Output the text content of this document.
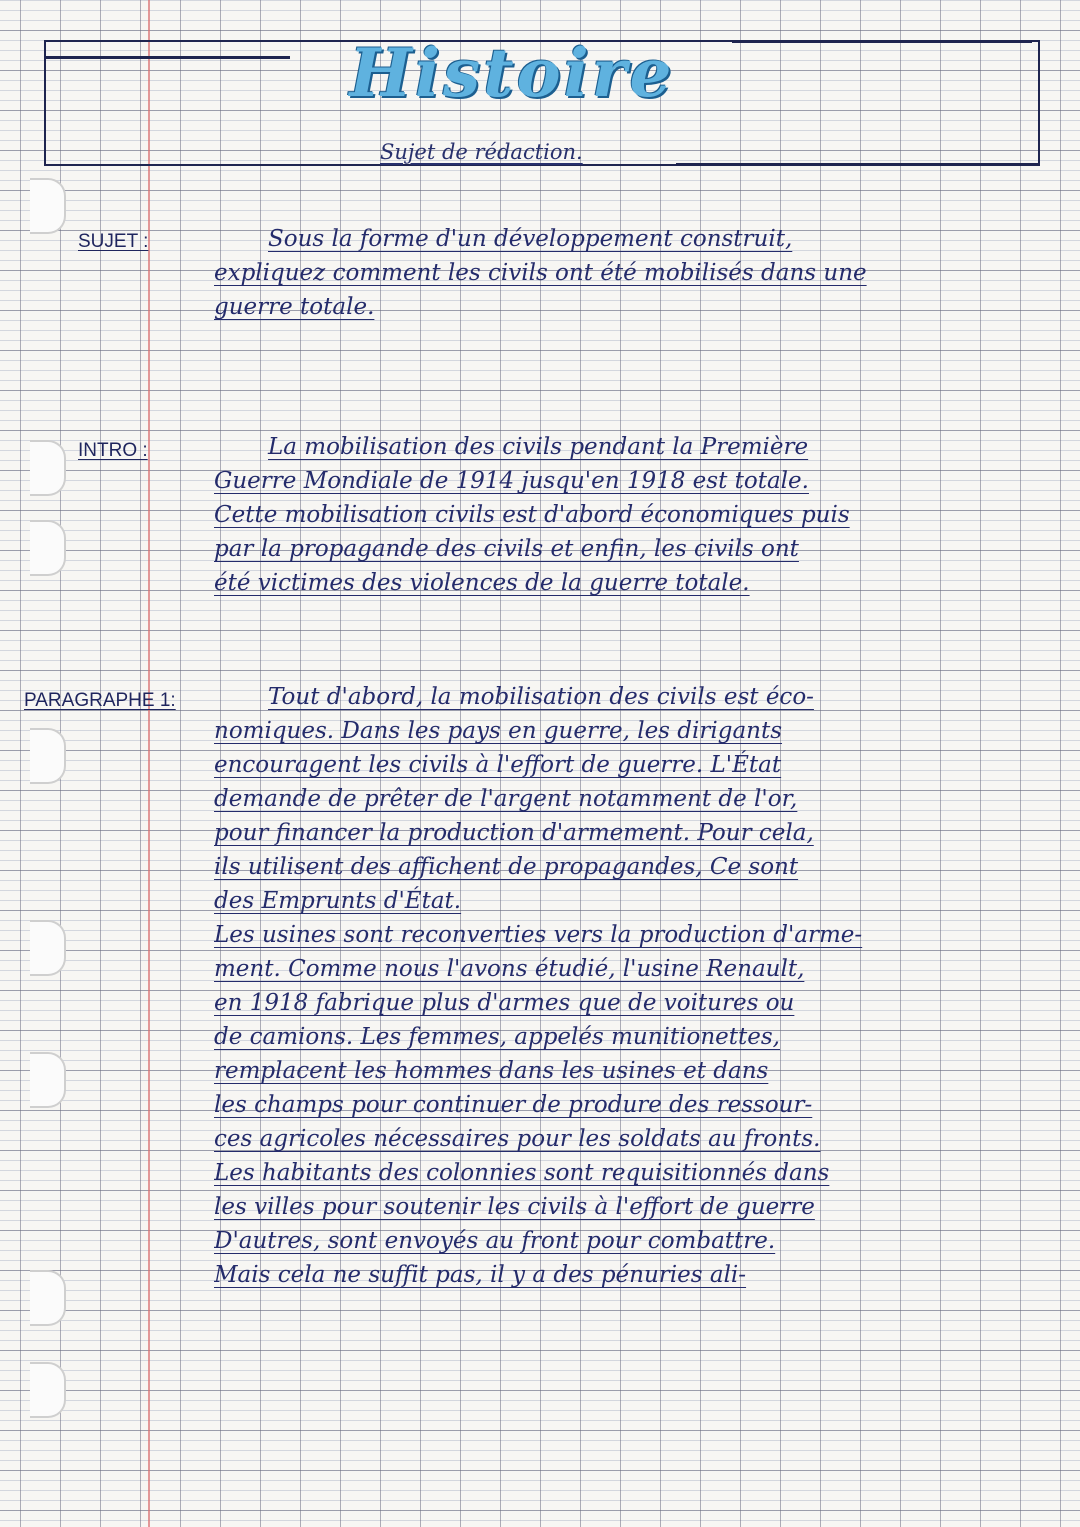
Histoire
Sujet de rédaction.
SUJET :	Sous la forme d'un développement construit,
expliquez comment les civils ont été mobilisés dans une
guerre totale.
INTRO :	La mobilisation des civils pendant la Première
Guerre Mondiale de 1914 jusqu'en 1918 est totale.
Cette mobilisation civils est d'abord économiques puis
par la propagande des civils et enfin, les civils ont
été victimes des violences de la guerre totale.
PARAGRAPHE 1:	Tout d'abord, la mobilisation des civils est éco-
nomiques. Dans les pays en guerre, les dirigants
encouragent les civils à l'effort de guerre. L'État
demande de prêter de l'argent notamment de l'or,
pour financer la production d'armement. Pour cela,
ils utilisent des affichent de propagandes, Ce sont
des Emprunts d'État.
Les usines sont reconverties vers la production d'arme-
ment. Comme nous l'avons étudié, l'usine Renault,
en 1918 fabrique plus d'armes que de voitures ou
de camions. Les femmes, appelés munitionettes,
remplacent les hommes dans les usines et dans
les champs pour continuer de produre des ressour-
ces agricoles nécessaires pour les soldats au fronts.
Les habitants des colonnies sont requisitionnés dans
les villes pour soutenir les civils à l'effort de guerre
D'autres, sont envoyés au front pour combattre.
Mais cela ne suffit pas, il y a des pénuries ali-
